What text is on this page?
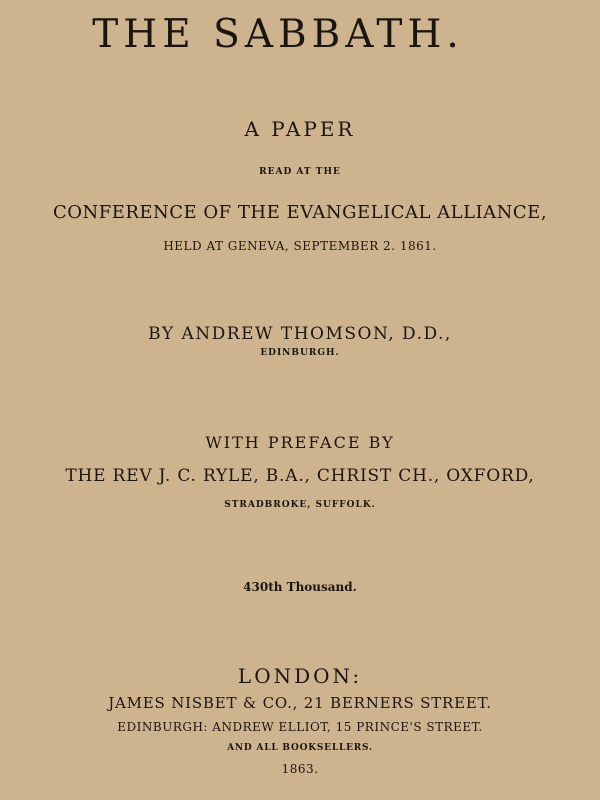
THE SABBATH.
A PAPER
READ AT THE
CONFERENCE OF THE EVANGELICAL ALLIANCE,
HELD AT GENEVA, SEPTEMBER 2. 1861.
BY ANDREW THOMSON, D.D.,
EDINBURGH.
WITH PREFACE BY
THE REV J. C. RYLE, B.A., CHRIST CH., OXFORD,
STRADBROKE, SUFFOLK.
430th Thousand.
LONDON:
JAMES NISBET & CO., 21 BERNERS STREET.
EDINBURGH: ANDREW ELLIOT, 15 PRINCE'S STREET.
AND ALL BOOKSELLERS.
1863.
